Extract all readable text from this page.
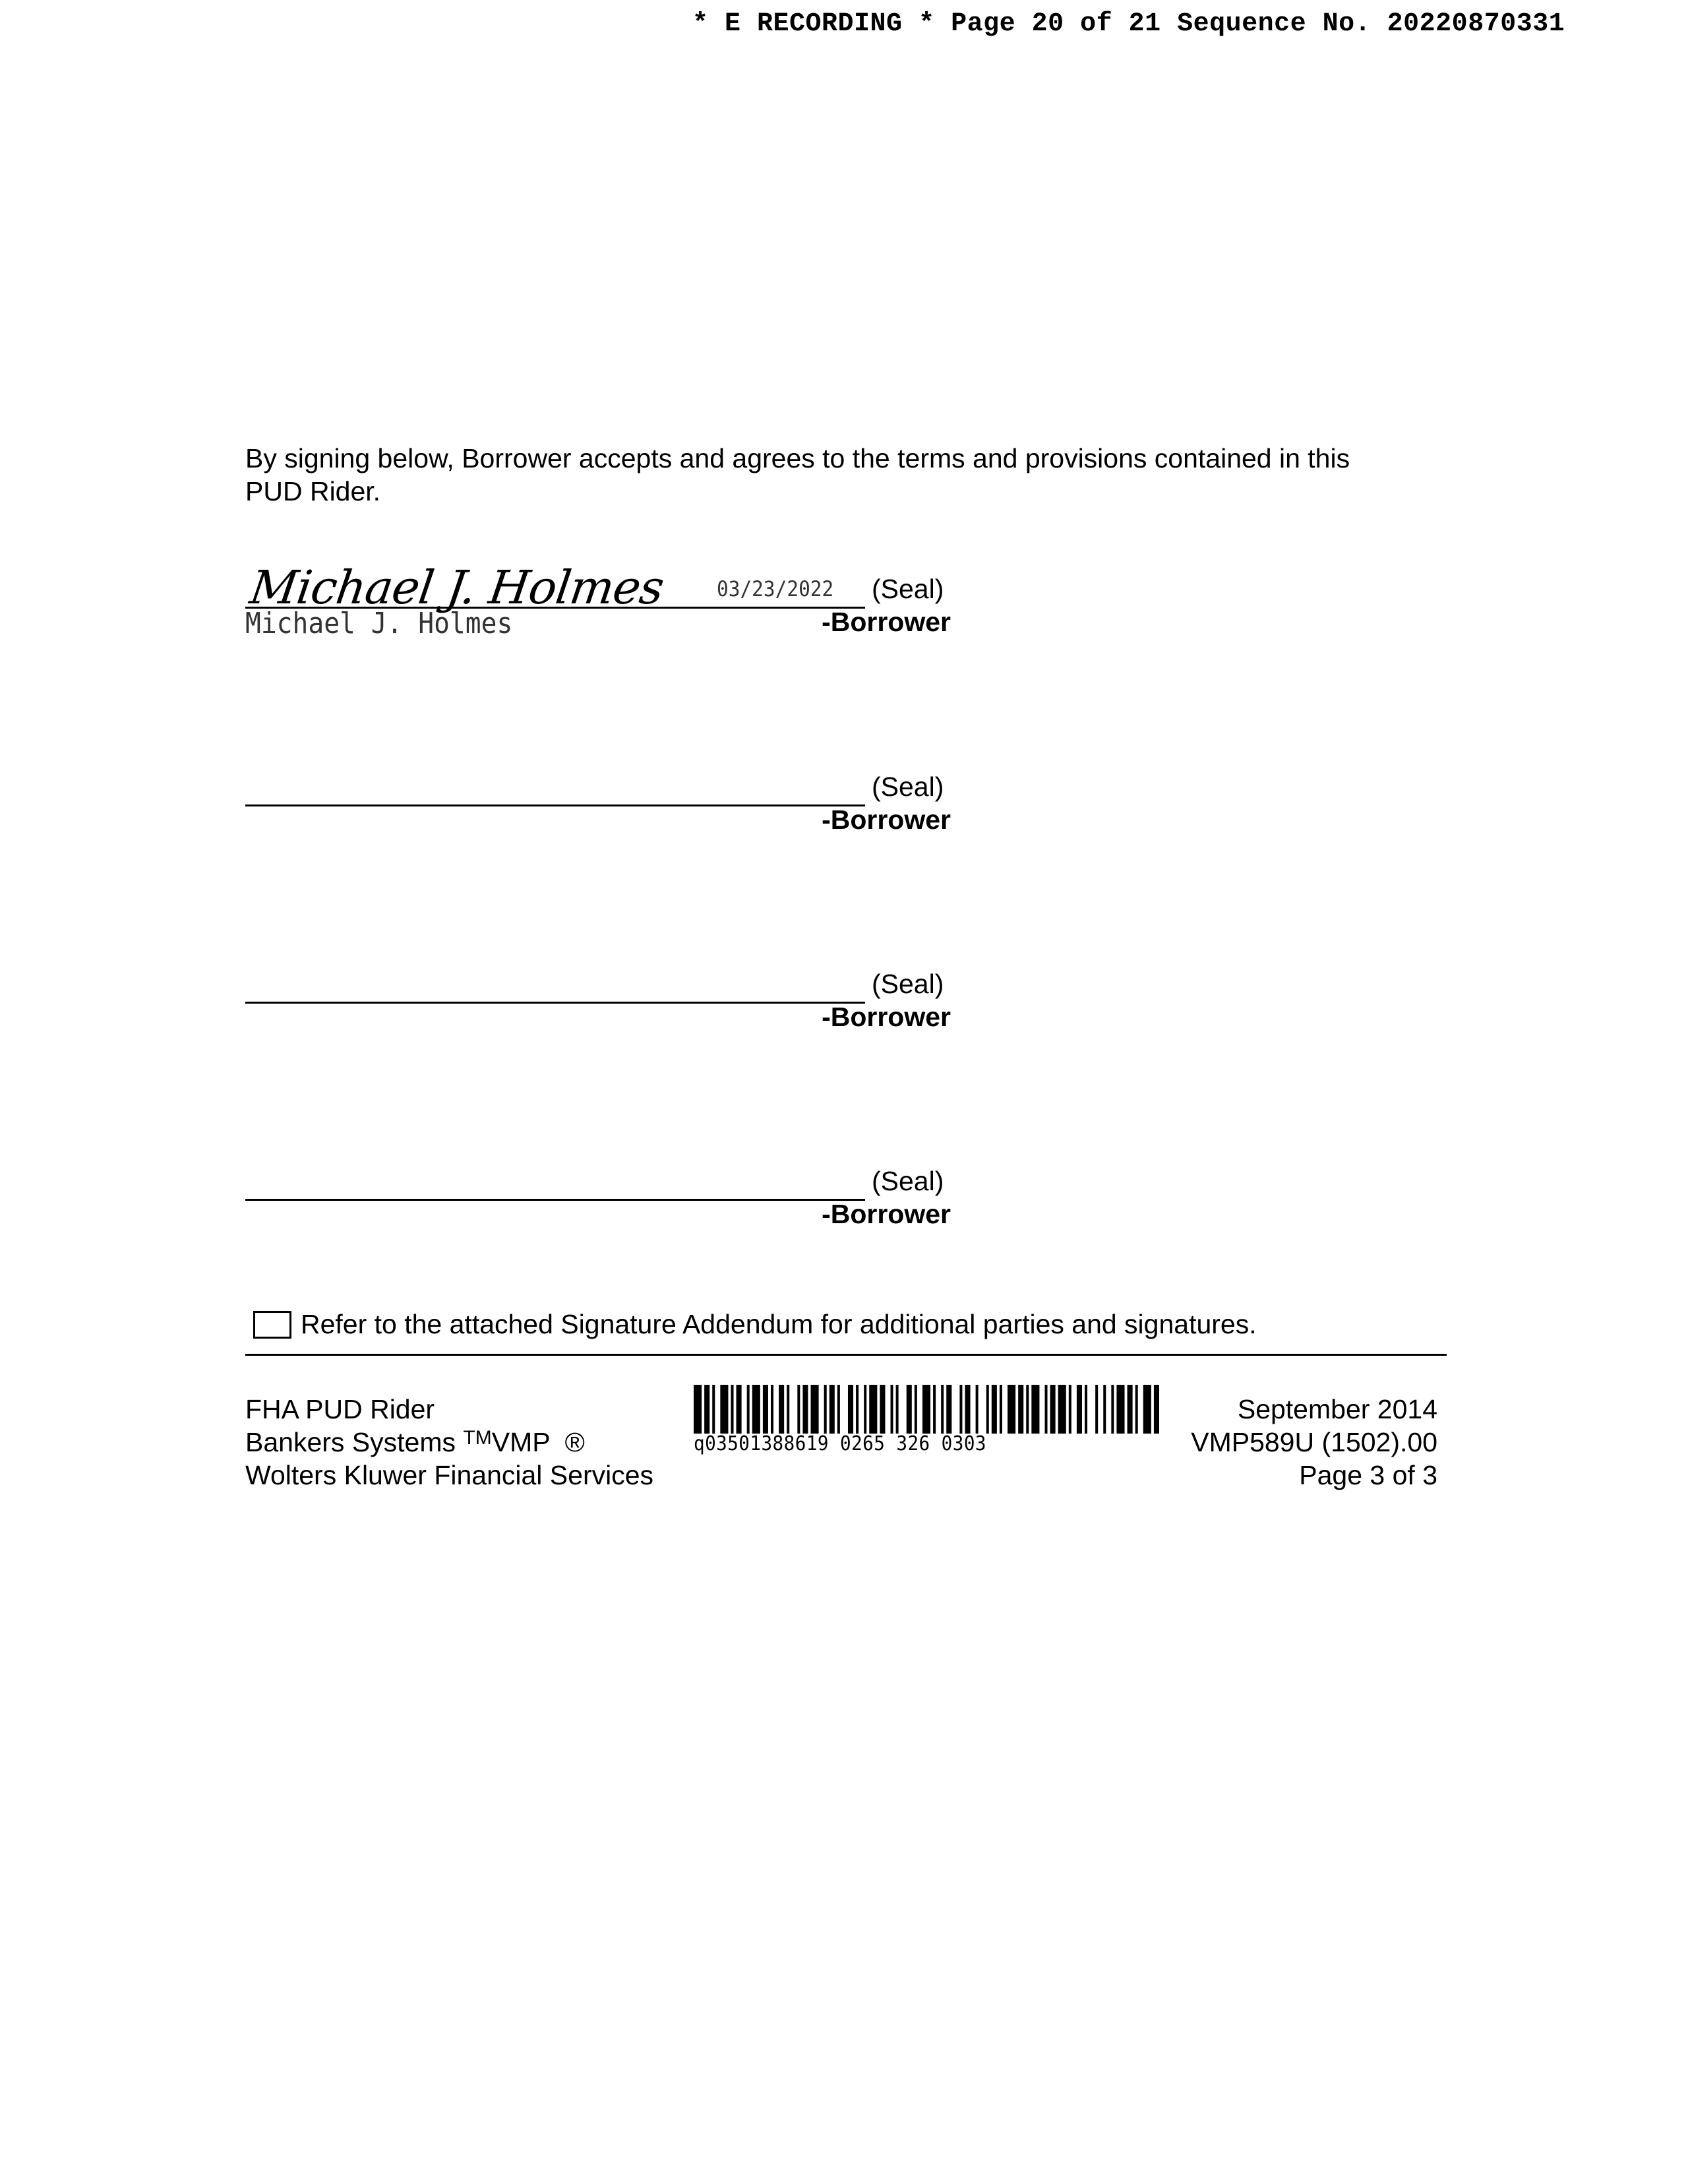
* E RECORDING * Page 20 of 21 Sequence No. 20220870331
By signing below, Borrower accepts and agrees to the terms and provisions contained in this
PUD Rider.
Michael J. Holmes 03/23/2022
Michael J. Holmes
(Seal)
-Borrower
(Seal)
-Borrower
(Seal)
-Borrower
(Seal)
-Borrower
Refer to the attached Signature Addendum for additional parties and signatures.
FHA PUD Rider
Bankers Systems ™VMP ®
Wolters Kluwer Financial Services
q03501388619 0265 326 0303
September 2014
VMP589U (1502).00
Page 3 of 3
